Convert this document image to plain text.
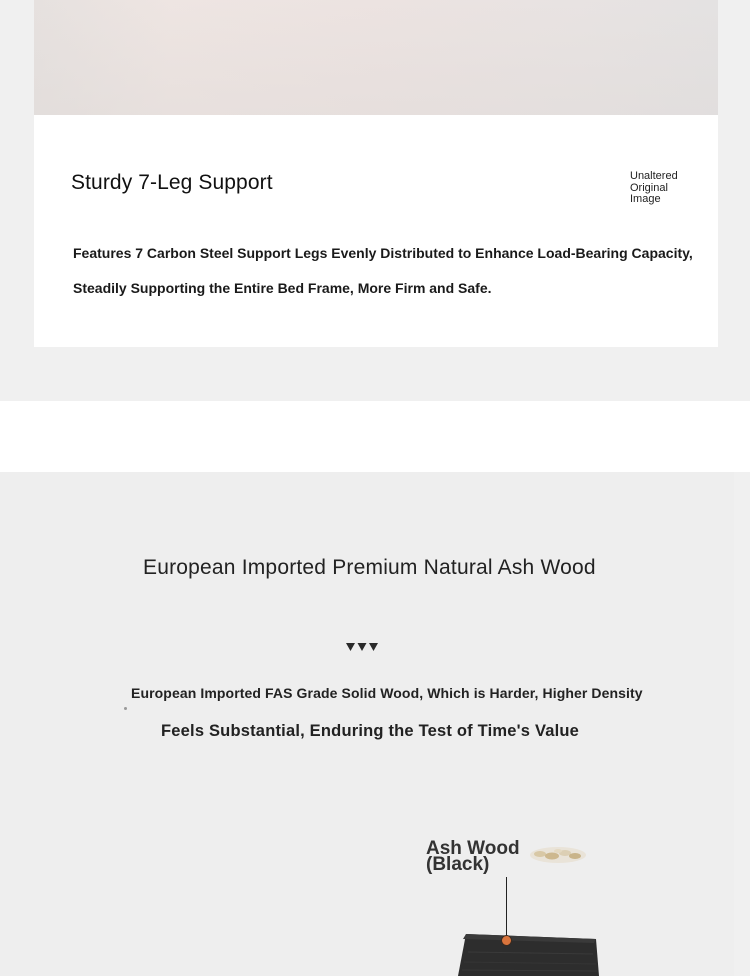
Sturdy 7-Leg Support	Unaltered
Original
Image
Features 7 Carbon Steel Support Legs Evenly Distributed to Enhance Load-Bearing Capacity, Steadily Supporting the Entire Bed Frame, More Firm and Safe.
European Imported Premium Natural Ash Wood
European Imported FAS Grade Solid Wood, Which is Harder, Higher Density
Feels Substantial, Enduring the Test of Time's Value
Ash Wood
(Black)
